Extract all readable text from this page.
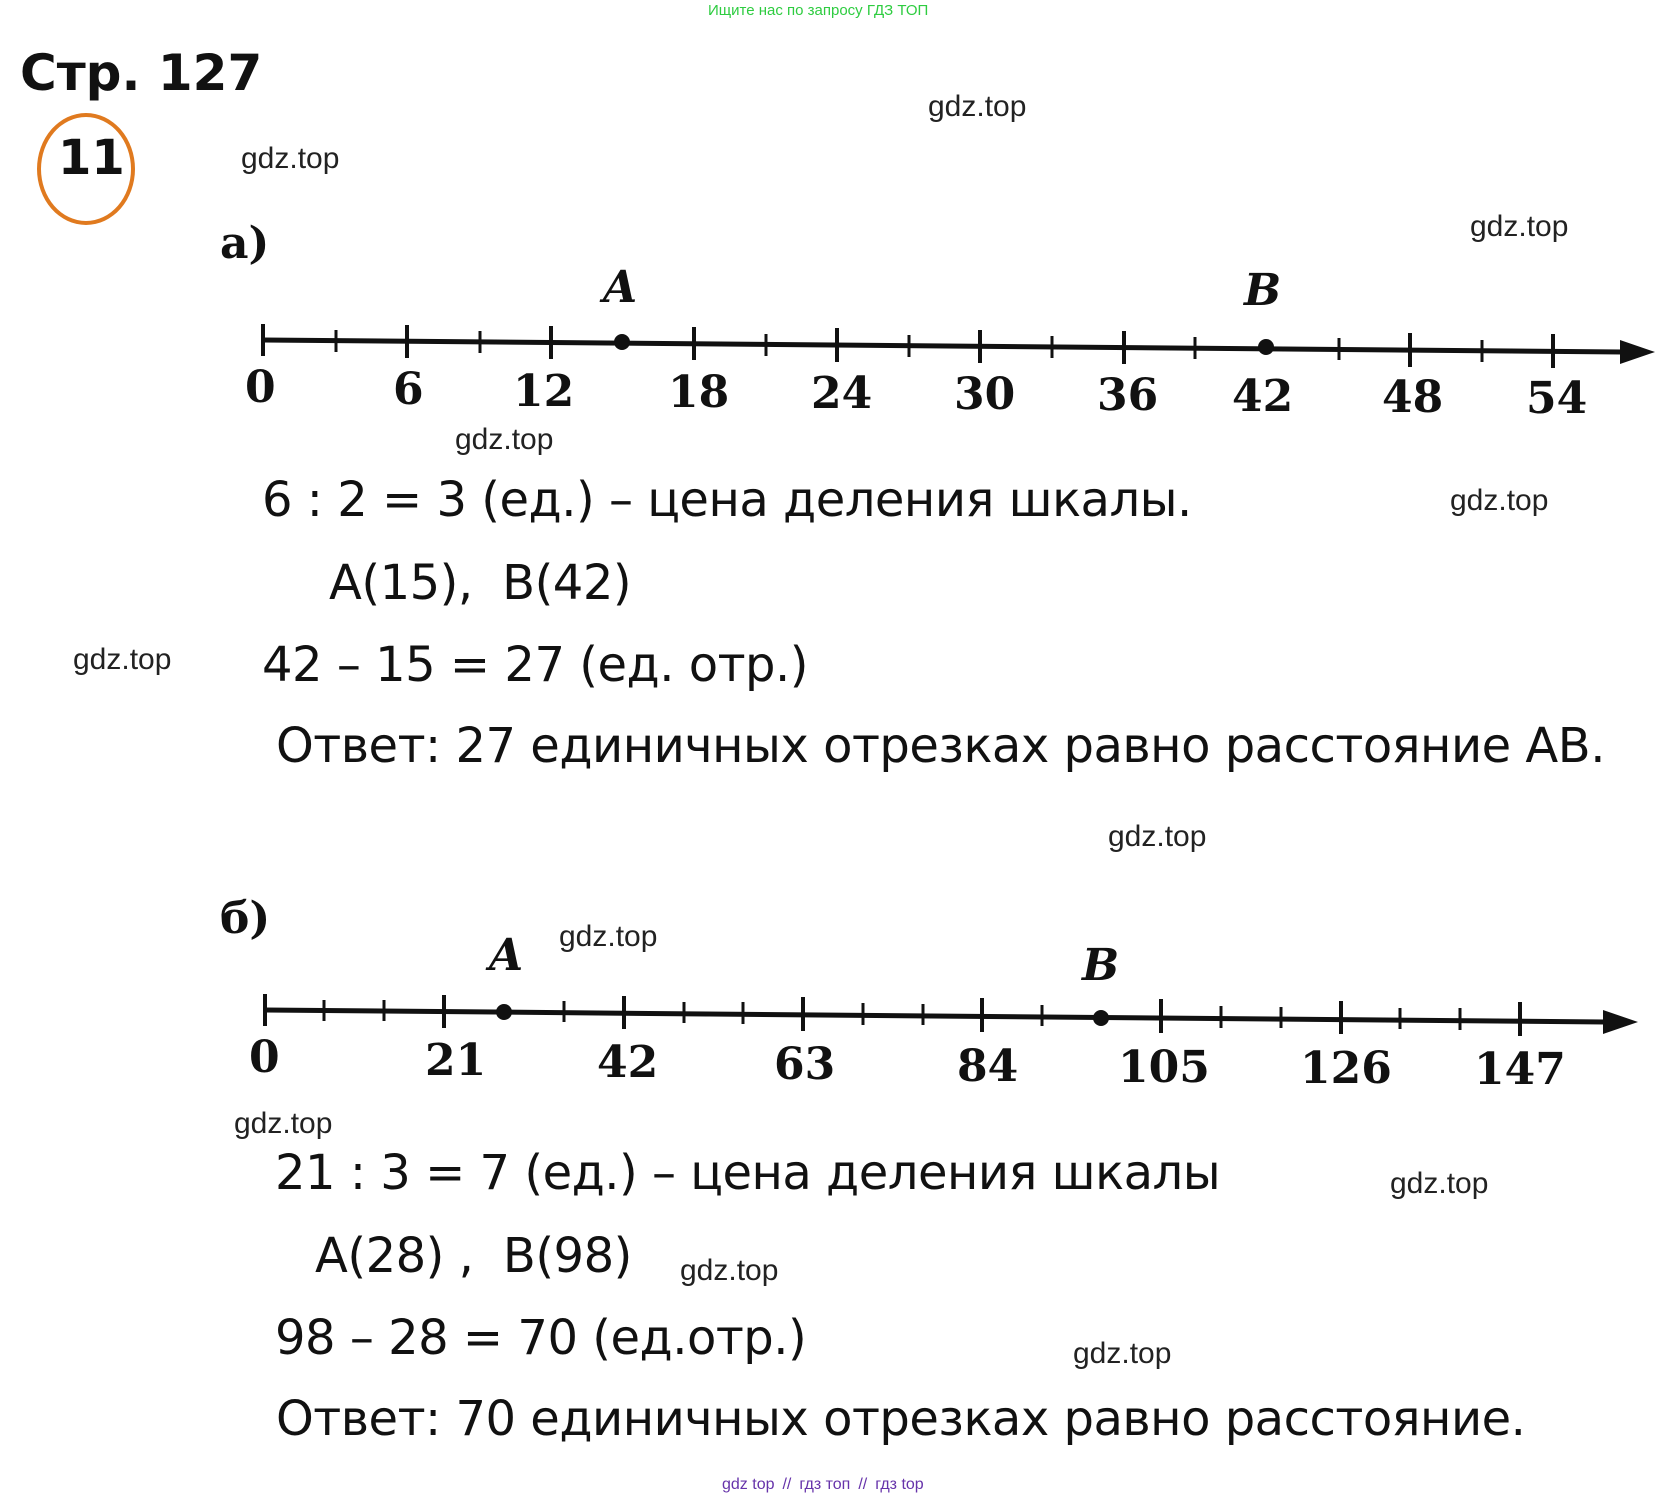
Ищите нас по запросу ГДЗ ТОП
Стр. 127
11
gdz.top
gdz.top
gdz.top
gdz.top
gdz.top
gdz.top
gdz.top
gdz.top
gdz.top
gdz.top
gdz.top
gdz.top
а)
A	B
0	6 12 18 24 30 36 42 48 54
6 : 2 = 3 (ед.) – цена деления шкалы.
A(15),  B(42)
42 – 15 = 27 (ед. отр.)
Ответ: 27 единичных отрезках равно расстояние AB.
б)
A	B
0	21	42	63	84 105 126 147
21 : 3 = 7 (ед.) – цена деления шкалы
A(28) ,  B(98)
98 – 28 = 70 (ед.отр.)
Ответ: 70 единичных отрезках равно расстояние.
gdz top // гдз топ // гдз top
